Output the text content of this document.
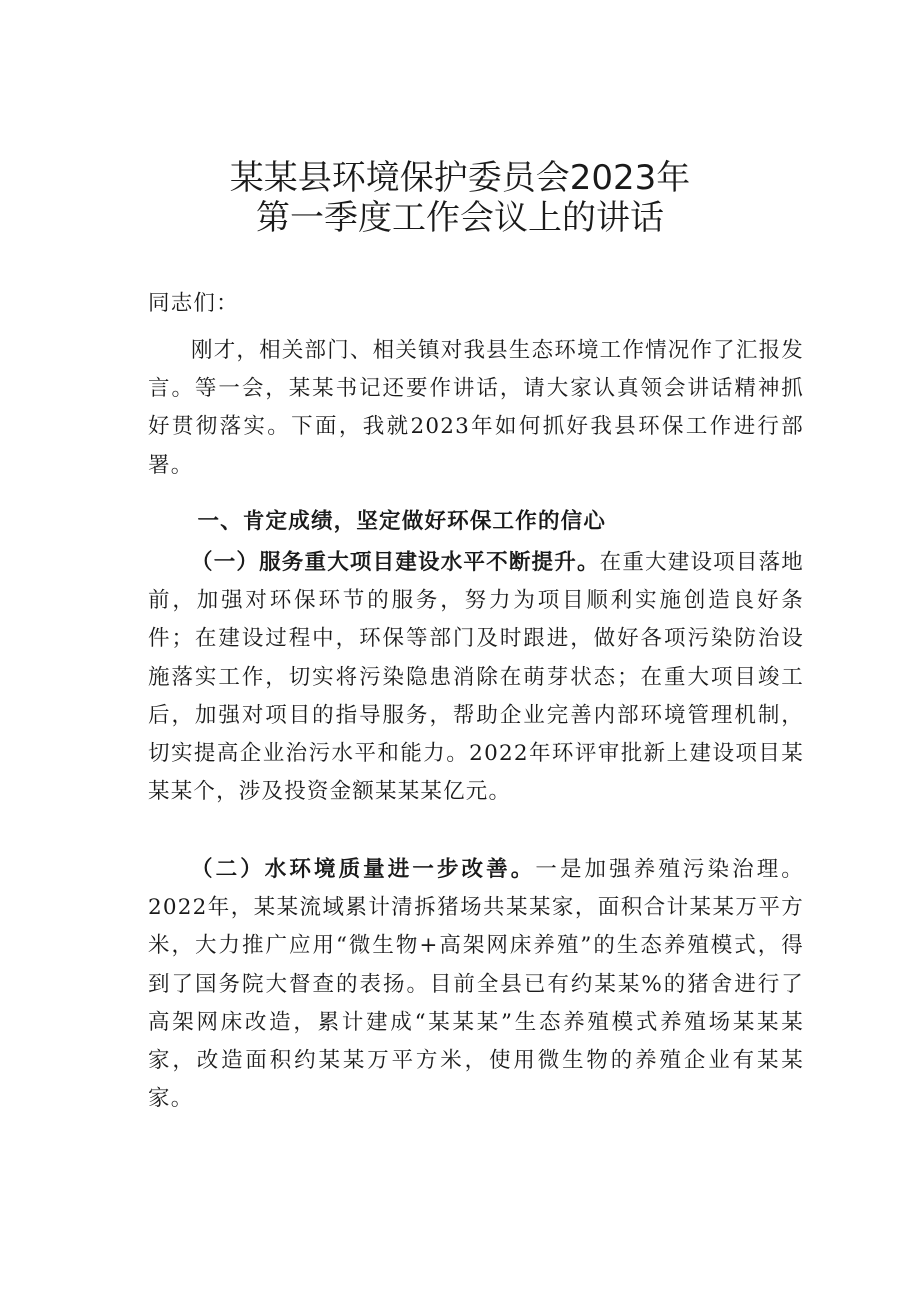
某某县环境保护委员会2023年
第一季度工作会议上的讲话
同志们：
刚才，相关部门、相关镇对我县生态环境工作情况作了汇报发言。等一会，某某书记还要作讲话，请大家认真领会讲话精神抓好贯彻落实。下面，我就2023年如何抓好我县环保工作进行部署。
一、肯定成绩，坚定做好环保工作的信心
（一）服务重大项目建设水平不断提升。在重大建设项目落地前，加强对环保环节的服务，努力为项目顺利实施创造良好条件；在建设过程中，环保等部门及时跟进，做好各项污染防治设施落实工作，切实将污染隐患消除在萌芽状态；在重大项目竣工后，加强对项目的指导服务，帮助企业完善内部环境管理机制，切实提高企业治污水平和能力。2022年环评审批新上建设项目某某某个，涉及投资金额某某某亿元。
（二）水环境质量进一步改善。一是加强养殖污染治理。2022年，某某流域累计清拆猪场共某某家，面积合计某某万平方米，大力推广应用“微生物+高架网床养殖”的生态养殖模式，得到了国务院大督查的表扬。目前全县已有约某某%的猪舍进行了高架网床改造，累计建成“某某某”生态养殖模式养殖场某某某家，改造面积约某某万平方米，使用微生物的养殖企业有某某家。
